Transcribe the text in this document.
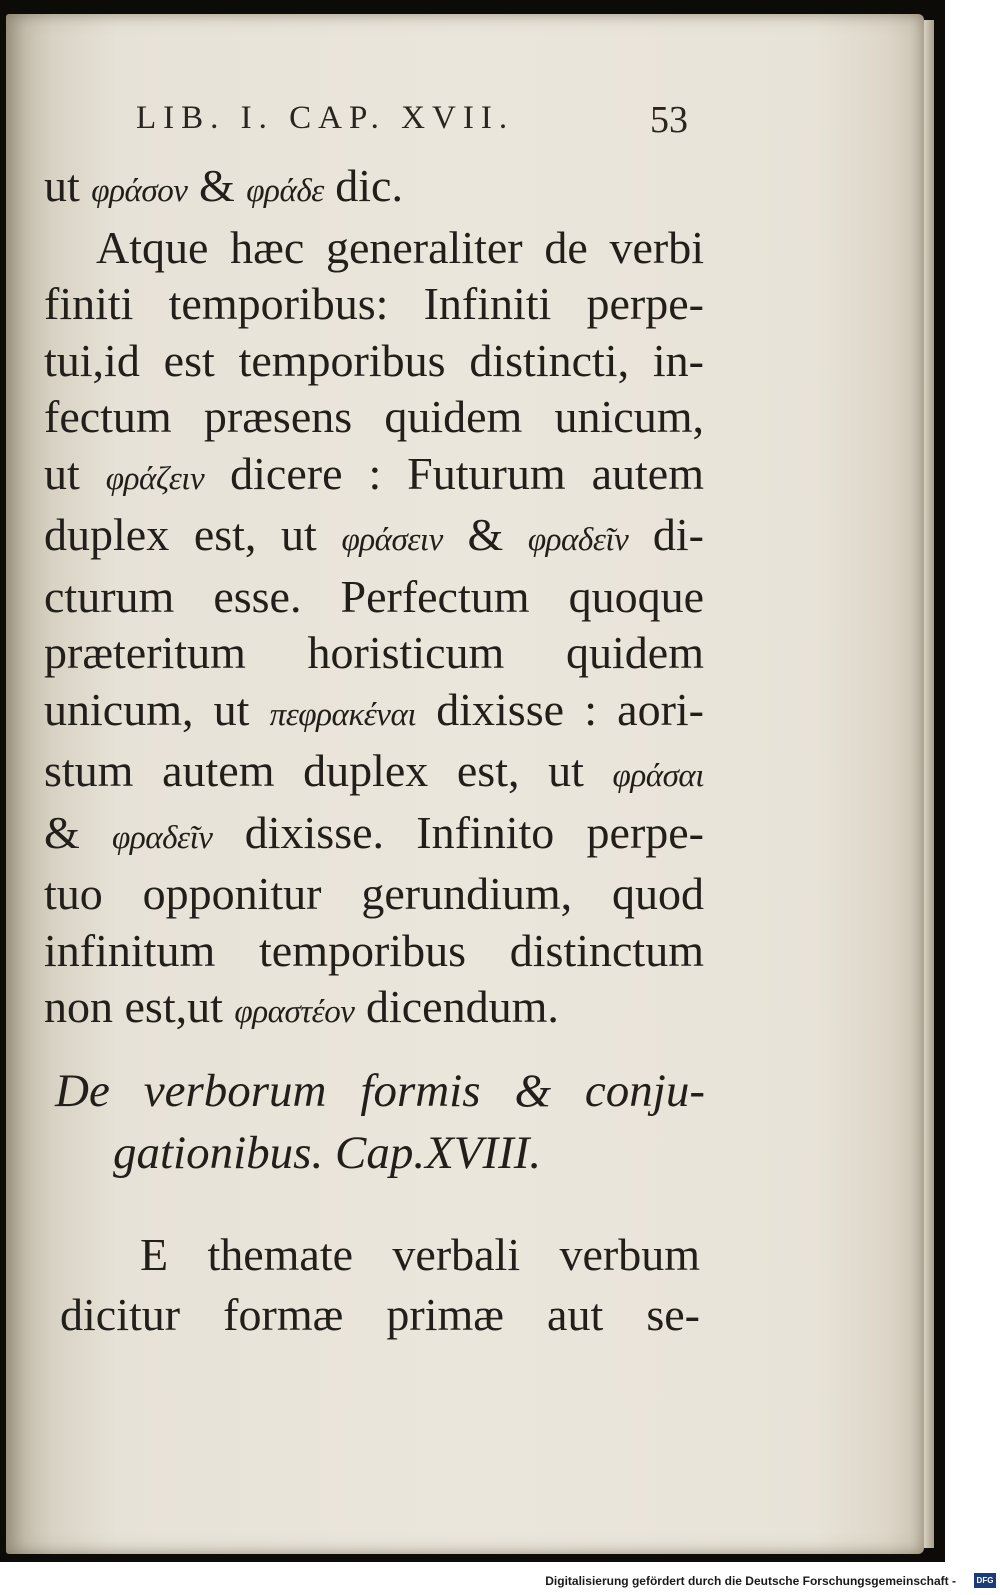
LIB. I. CAP. XVII.	53
ut φράσον & φράδε dic.
Atque hæc generaliter de verbi
finiti temporibus: Infiniti perpe-
tui,id est temporibus distincti, in-
fectum præsens quidem unicum,
ut φράζειν dicere : Futurum autem
duplex est, ut φράσειν & φραδεῖν di-
cturum esse. Perfectum quoque
præteritum horisticum quidem
unicum, ut πεφρακέναι dixisse : aori-
stum autem duplex est, ut φράσαι
& φραδεῖν dixisse. Infinito perpe-
tuo opponitur gerundium, quod
infinitum temporibus distinctum
non est,ut φραστέον dicendum.
De verborum formis & conju-
gationibus. Cap.XVIII.
E themate verbali verbum
dicitur formæ primæ aut se-
Digitalisierung gefördert durch die Deutsche Forschungsgemeinschaft -	DFG
